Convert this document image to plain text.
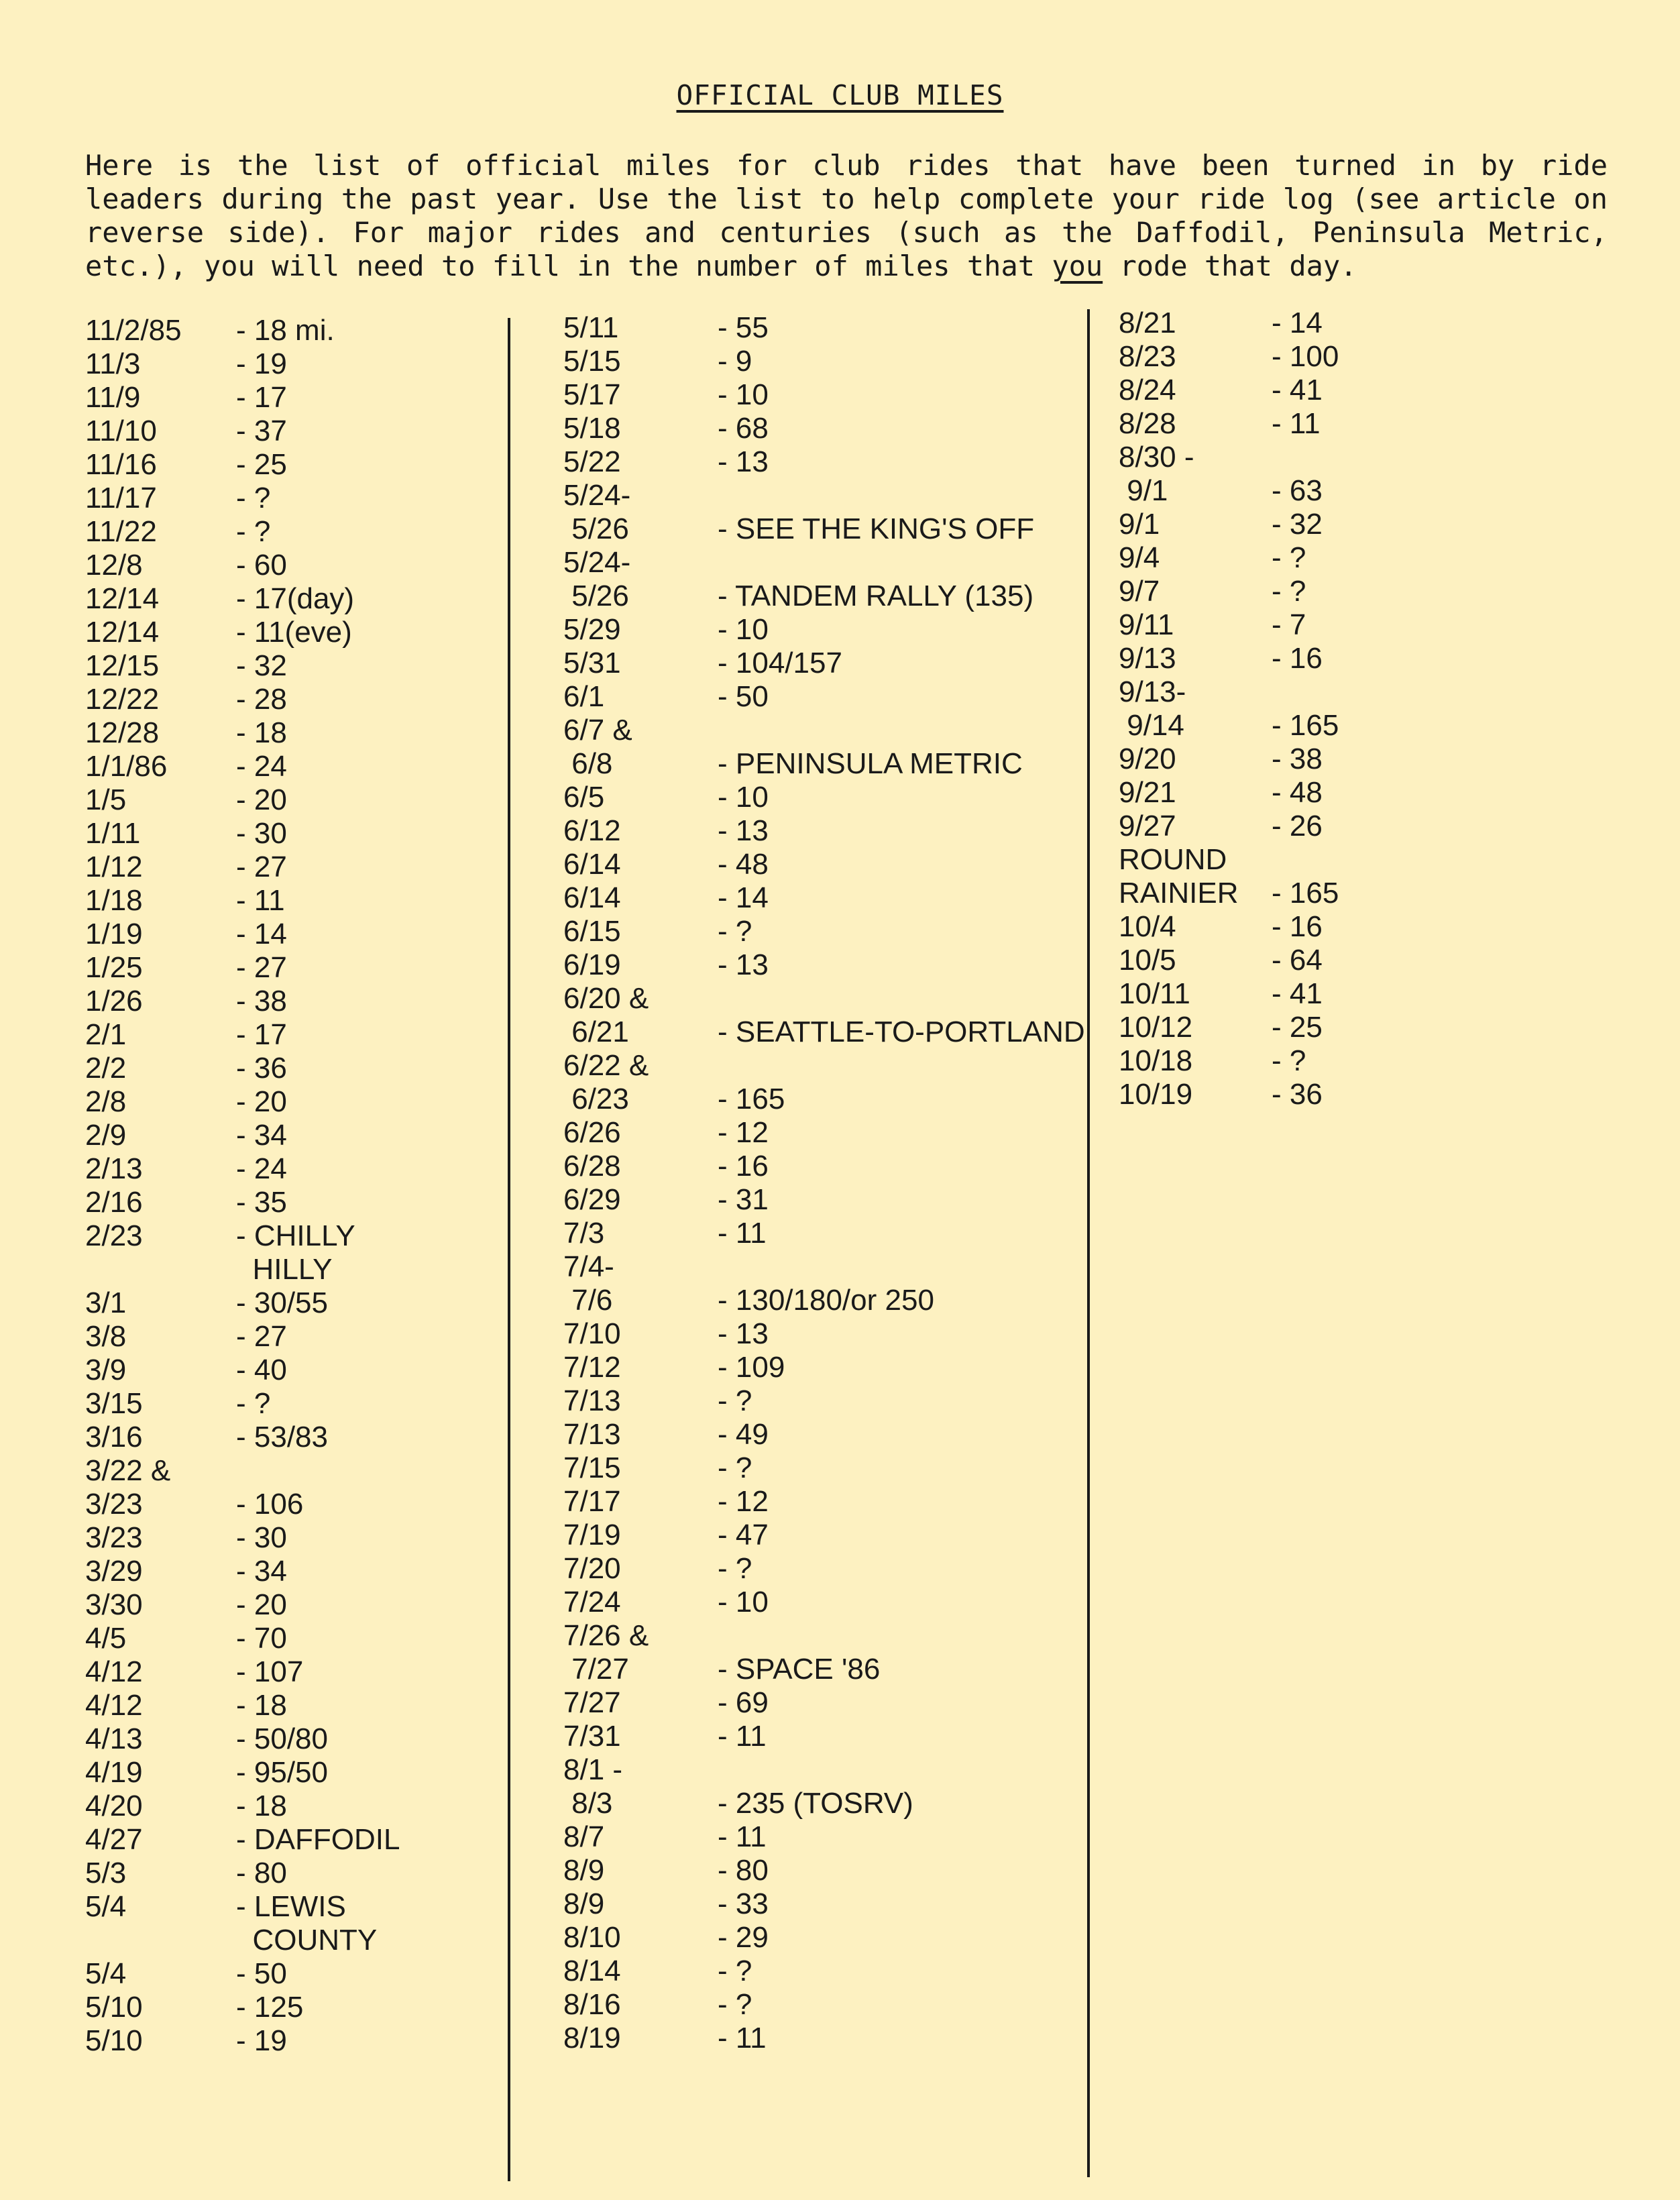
OFFICIAL CLUB MILES

Here is the list of official miles for club rides that have been turned in by ride leaders during the past year. Use the list to help complete your ride log (see article on reverse side). For major rides and centuries (such as the Daffodil, Peninsula Metric, etc.), you will need to fill in the number of miles that you rode that day.

11/2/85 - 18 mi.
11/3	- 19
11/9	- 17
11/10	- 37
11/16	- 25
11/17	- ?
11/22	- ?
12/8	- 60
12/14	- 17(day)
12/14	- 11(eve)
12/15	- 32
12/22	- 28
12/28	- 18
1/1/86 - 24
1/5	- 20
1/11	- 30
1/12	- 27
1/18	- 11
1/19	- 14
1/25	- 27
1/26	- 38
2/1	- 17
2/2	- 36
2/8	- 20
2/9	- 34
2/13	- 24
2/16	- 35
2/23	- CHILLY
HILLY
3/1	- 30/55
3/8	- 27
3/9	- 40
3/15	- ?
3/16	- 53/83
3/22 &
3/23	- 106
3/23	- 30
3/29	- 34
3/30	- 20
4/5	- 70
4/12	- 107
4/12	- 18
4/13	- 50/80
4/19	- 95/50
4/20	- 18
4/27	- DAFFODIL
5/3	- 80
5/4	- LEWIS
COUNTY
5/4	- 50
5/10	- 125
5/10	- 19
5/11	- 55
5/15	- 9
5/17	- 10
5/18	- 68
5/22	- 13
5/24-
5/26	- SEE THE KING'S OFF
5/24-
5/26	- TANDEM RALLY (135)
5/29	- 10
5/31	- 104/157
6/1	- 50
6/7 &
6/8	- PENINSULA METRIC
6/5	- 10
6/12	- 13
6/14	- 48
6/14	- 14
6/15	- ?
6/19	- 13
6/20 &
6/21	- SEATTLE-TO-PORTLAND
6/22 &
6/23	- 165
6/26	- 12
6/28	- 16
6/29	- 31
7/3	- 11
7/4-
7/6	- 130/180/or 250
7/10	- 13
7/12	- 109
7/13	- ?
7/13	- 49
7/15	- ?
7/17	- 12
7/19	- 47
7/20	- ?
7/24	- 10
7/26 &
7/27	- SPACE '86
7/27	- 69
7/31	- 11
8/1 -
8/3	- 235 (TOSRV)
8/7	- 11
8/9	- 80
8/9	- 33
8/10	- 29
8/14	- ?
8/16	- ?
8/19	- 11
8/21	- 14
8/23	- 100
8/24	- 41
8/28	- 11
8/30 -
9/1	- 63
9/1	- 32
9/4	- ?
9/7	- ?
9/11	- 7
9/13	- 16
9/13-
9/14	- 165
9/20	- 38
9/21	- 48
9/27	- 26
ROUND
RAINIER - 165
10/4	- 16
10/5	- 64
10/11	- 41
10/12	- 25
10/18	- ?
10/19	- 36
